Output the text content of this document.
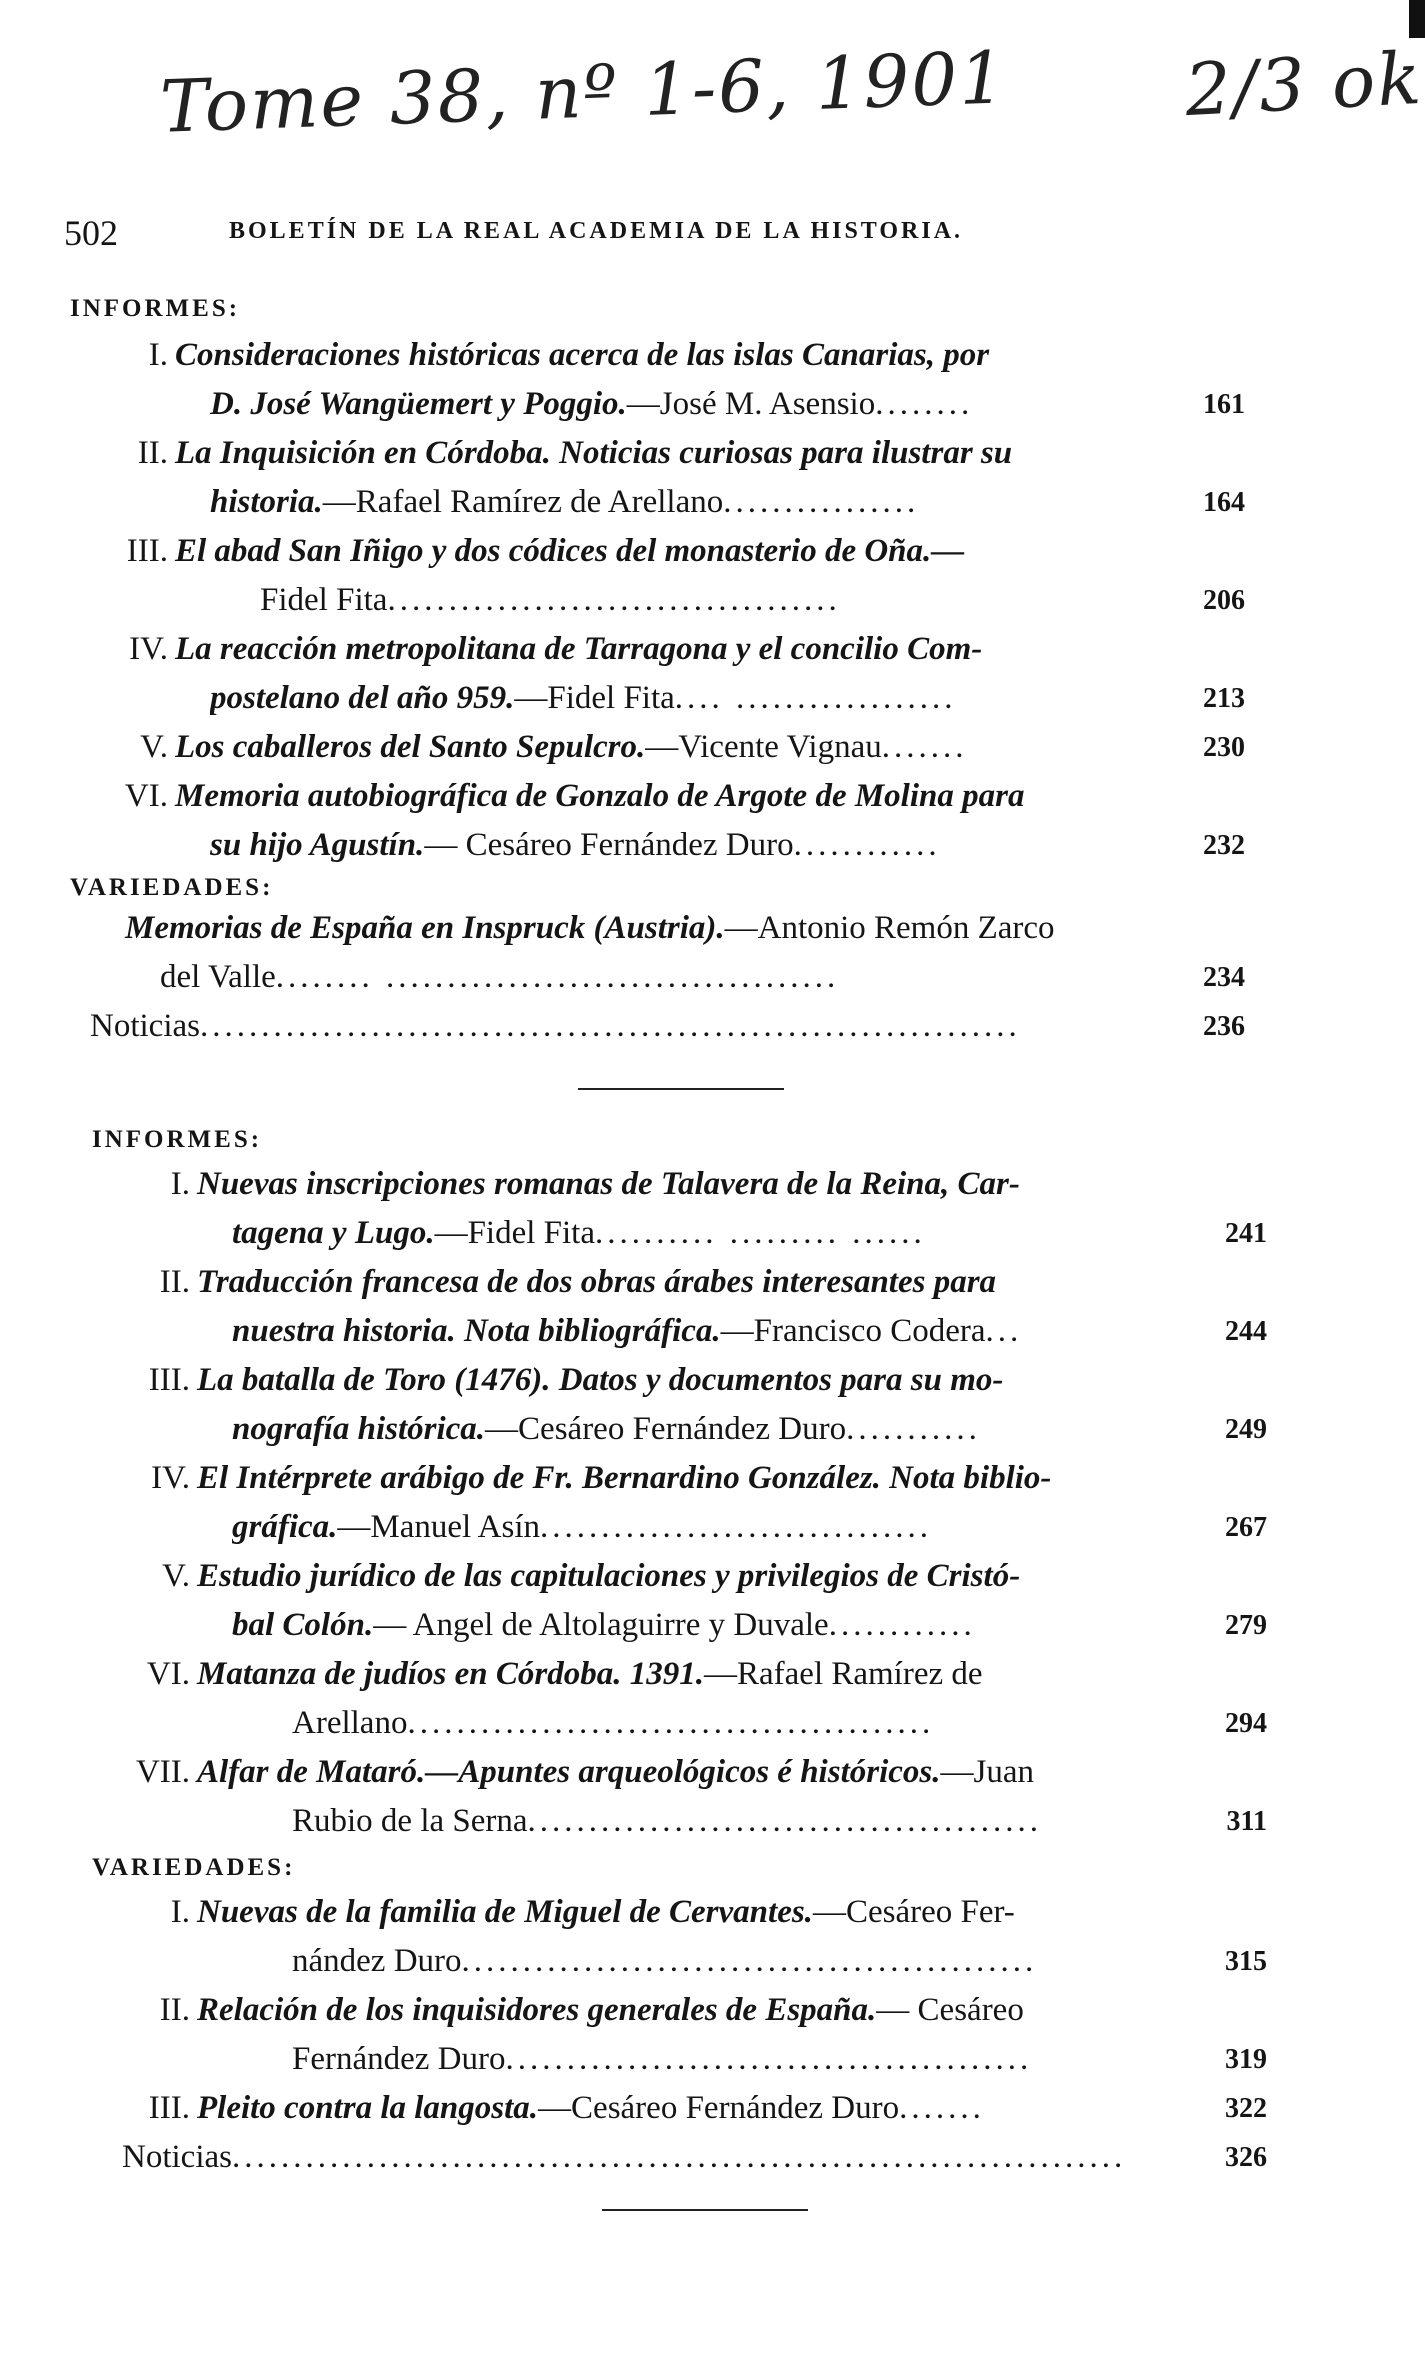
Tome 38, nº 1-6, 1901 2/3 ok
502	BOLETÍN DE LA REAL ACADEMIA DE LA HISTORIA.
INFORMES:
I. Consideraciones históricas acerca de las islas Canarias, por
D. José Wangüemert y Poggio.—José M. Asensio........	161
II. La Inquisición en Córdoba. Noticias curiosas para ilustrar su
historia.—Rafael Ramírez de Arellano................	164
III. El abad San Iñigo y dos códices del monasterio de Oña.—
Fidel Fita.....................................	206
IV. La reacción metropolitana de Tarragona y el concilio Com-
postelano del año 959.—Fidel Fita.... ..................	213
V. Los caballeros del Santo Sepulcro.—Vicente Vignau.......	230
VI. Memoria autobiográfica de Gonzalo de Argote de Molina para
su hijo Agustín.— Cesáreo Fernández Duro............	232
VARIEDADES:
Memorias de España en Inspruck (Austria).—Antonio Remón Zarco
del Valle........ .....................................	234
Noticias...................................................................	236
INFORMES:
I. Nuevas inscripciones romanas de Talavera de la Reina, Car-
tagena y Lugo.—Fidel Fita.......... ......... ......	241
II. Traducción francesa de dos obras árabes interesantes para
nuestra historia. Nota bibliográfica.—Francisco Codera...	244
III. La batalla de Toro (1476). Datos y documentos para su mo-
nografía histórica.—Cesáreo Fernández Duro...........	249
IV. El Intérprete arábigo de Fr. Bernardino González. Nota biblio-
gráfica.—Manuel Asín................................	267
V. Estudio jurídico de las capitulaciones y privilegios de Cristó-
bal Colón.— Angel de Altolaguirre y Duvale............	279
VI. Matanza de judíos en Córdoba. 1391.—Rafael Ramírez de
Arellano...........................................	294
VII. Alfar de Mataró.—Apuntes arqueológicos é históricos.—Juan
Rubio de la Serna..........................................	311
VARIEDADES:
I. Nuevas de la familia de Miguel de Cervantes.—Cesáreo Fer-
nández Duro...............................................	315
II. Relación de los inquisidores generales de España.— Cesáreo
Fernández Duro...........................................	319
III. Pleito contra la langosta.—Cesáreo Fernández Duro.......	322
Noticias.........................................................................	326
